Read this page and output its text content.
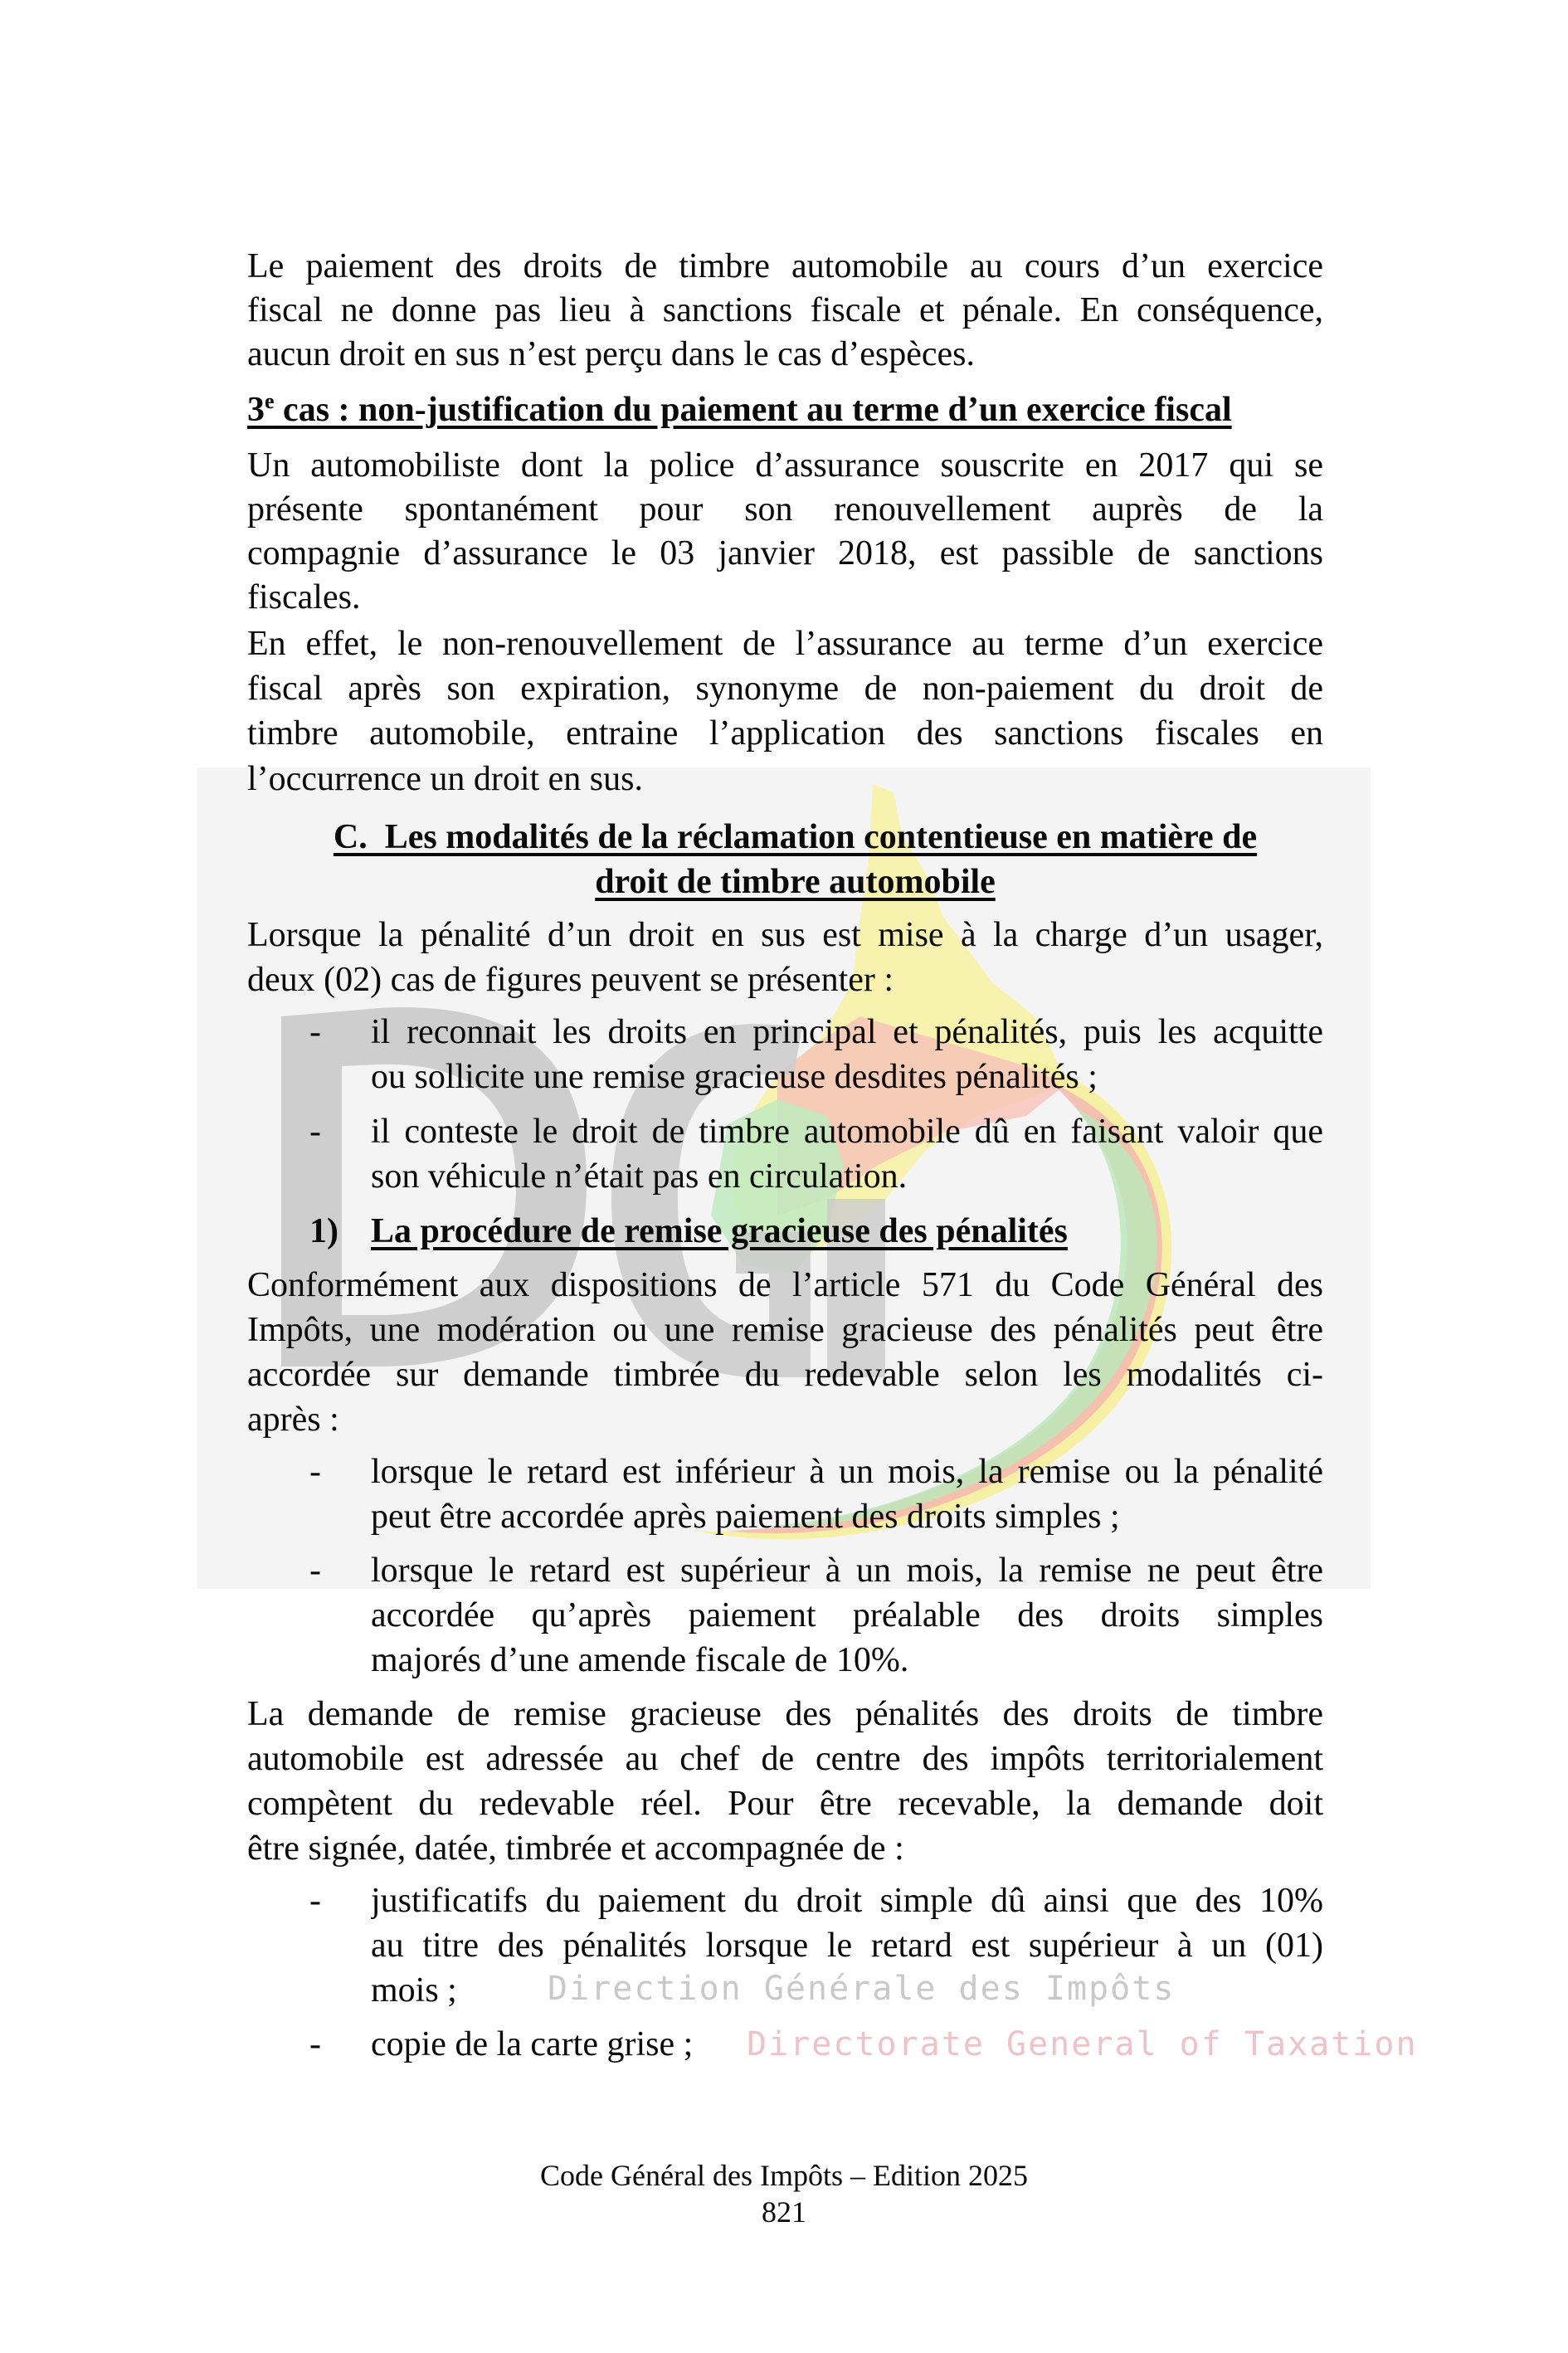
Le paiement des droits de timbre automobile au cours d’un exercice
fiscal ne donne pas lieu à sanctions fiscale et pénale. En conséquence,
aucun droit en sus n’est perçu dans le cas d’espèces.
3e cas : non-justification du paiement au terme d’un exercice fiscal
Un automobiliste dont la police d’assurance souscrite en 2017 qui se
présente spontanément pour son renouvellement auprès de la
compagnie d’assurance le 03 janvier 2018, est passible de sanctions
fiscales.
En effet, le non-renouvellement de l’assurance au terme d’un exercice
fiscal après son expiration, synonyme de non-paiement du droit de
timbre automobile, entraine l’application des sanctions fiscales en
l’occurrence un droit en sus.
C.  Les modalités de la réclamation contentieuse en matière de
droit de timbre automobile
Lorsque la pénalité d’un droit en sus est mise à la charge d’un usager,
deux (02) cas de figures peuvent se présenter :
- il reconnait les droits en principal et pénalités, puis les acquitte
ou sollicite une remise gracieuse desdites pénalités ;
- il conteste le droit de timbre automobile dû en faisant valoir que
son véhicule n’était pas en circulation.
1) La procédure de remise gracieuse des pénalités
Conformément aux dispositions de l’article 571 du Code Général des
Impôts, une modération ou une remise gracieuse des pénalités peut être
accordée sur demande timbrée du redevable selon les modalités ci-
après :
- lorsque le retard est inférieur à un mois, la remise ou la pénalité
peut être accordée après paiement des droits simples ;
- lorsque le retard est supérieur à un mois, la remise ne peut être
accordée qu’après paiement préalable des droits simples
majorés d’une amende fiscale de 10%.
La demande de remise gracieuse des pénalités des droits de timbre
automobile est adressée au chef de centre des impôts territorialement
compètent du redevable réel. Pour être recevable, la demande doit
être signée, datée, timbrée et accompagnée de :
- justificatifs du paiement du droit simple dû ainsi que des 10%
au titre des pénalités lorsque le retard est supérieur à un (01)
mois ;
- copie de la carte grise ;
Direction Générale des Impôts
Directorate General of Taxation
Code Général des Impôts – Edition 2025
821
